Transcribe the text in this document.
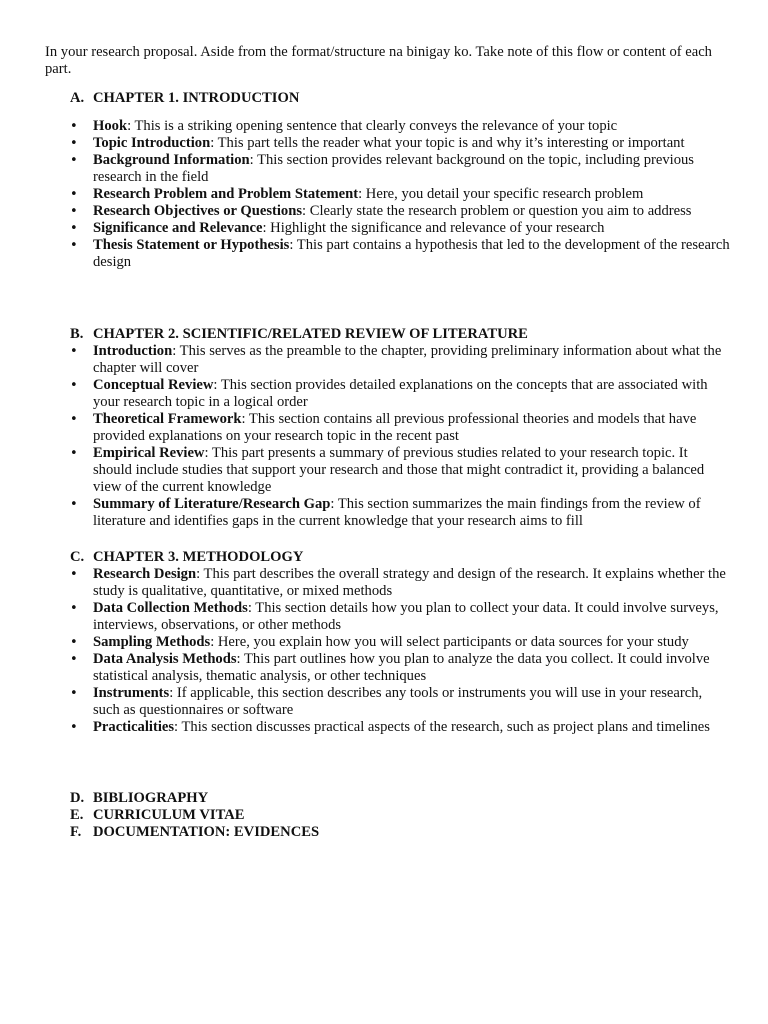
In your research proposal. Aside from the format/structure na binigay ko. Take note of this flow or content of each part.

A. CHAPTER 1. INTRODUCTION
• Hook: This is a striking opening sentence that clearly conveys the relevance of your topic
• Topic Introduction: This part tells the reader what your topic is and why it’s interesting or important
• Background Information: This section provides relevant background on the topic, including previous research in the field
• Research Problem and Problem Statement: Here, you detail your specific research problem
• Research Objectives or Questions: Clearly state the research problem or question you aim to address
• Significance and Relevance: Highlight the significance and relevance of your research
• Thesis Statement or Hypothesis: This part contains a hypothesis that led to the development of the research design
B. CHAPTER 2. SCIENTIFIC/RELATED REVIEW OF LITERATURE
• Introduction: This serves as the preamble to the chapter, providing preliminary information about what the chapter will cover
• Conceptual Review: This section provides detailed explanations on the concepts that are associated with your research topic in a logical order
• Theoretical Framework: This section contains all previous professional theories and models that have provided explanations on your research topic in the recent past
• Empirical Review: This part presents a summary of previous studies related to your research topic. It should include studies that support your research and those that might contradict it, providing a balanced view of the current knowledge
• Summary of Literature/Research Gap: This section summarizes the main findings from the review of literature and identifies gaps in the current knowledge that your research aims to fill
C. CHAPTER 3. METHODOLOGY
• Research Design: This part describes the overall strategy and design of the research. It explains whether the study is qualitative, quantitative, or mixed methods
• Data Collection Methods: This section details how you plan to collect your data. It could involve surveys, interviews, observations, or other methods
• Sampling Methods: Here, you explain how you will select participants or data sources for your study
• Data Analysis Methods: This part outlines how you plan to analyze the data you collect. It could involve statistical analysis, thematic analysis, or other techniques
• Instruments: If applicable, this section describes any tools or instruments you will use in your research, such as questionnaires or software
• Practicalities: This section discusses practical aspects of the research, such as project plans and timelines
D. BIBLIOGRAPHY
E. CURRICULUM VITAE
F. DOCUMENTATION: EVIDENCES
